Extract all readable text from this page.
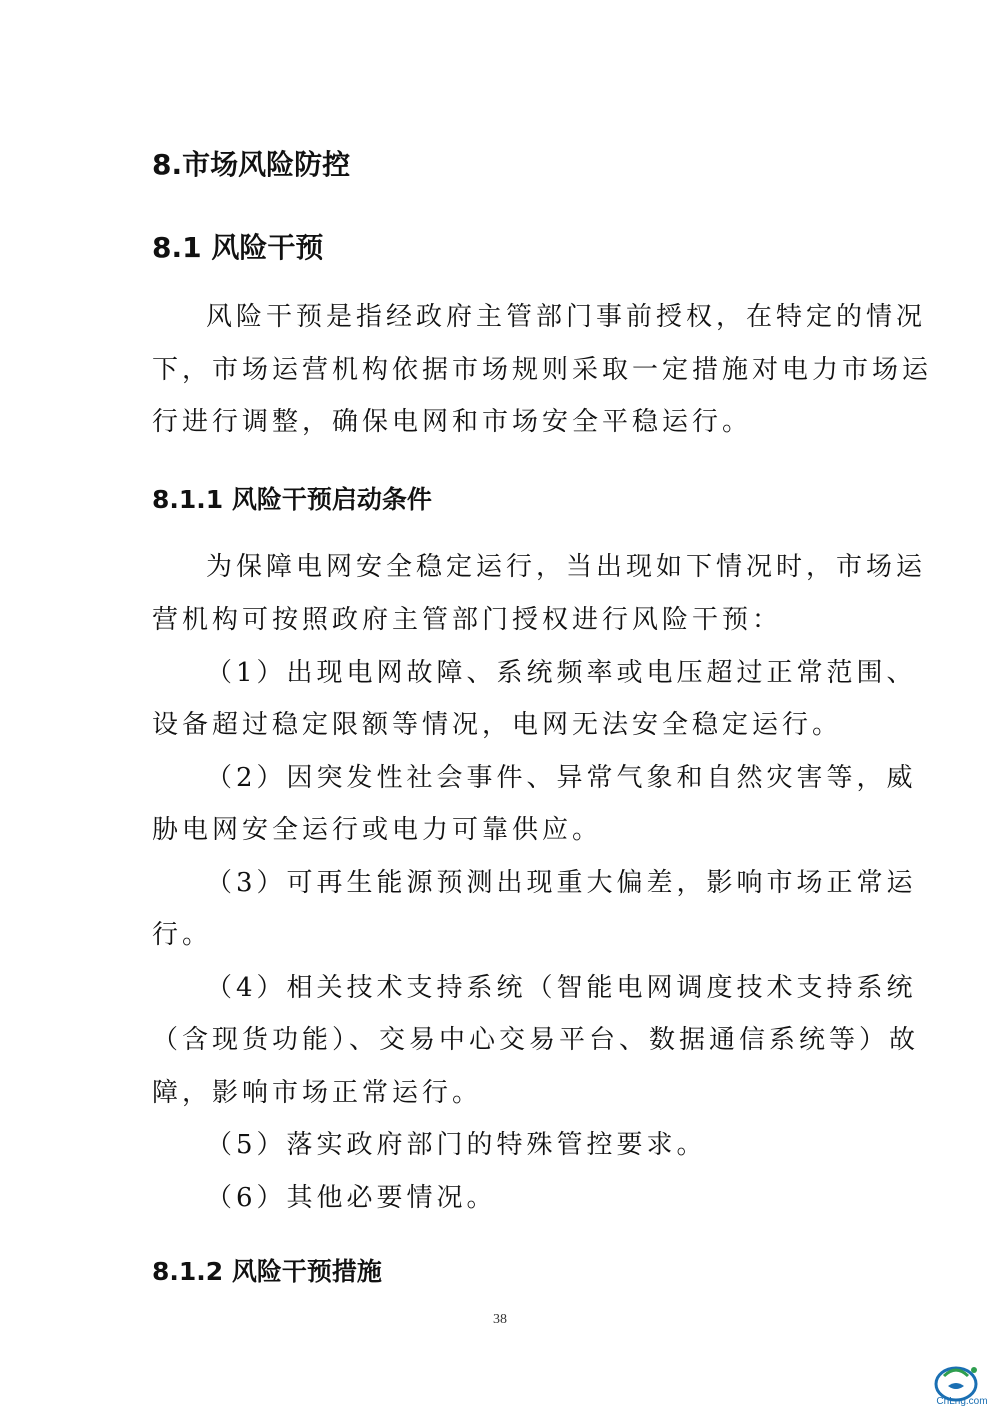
8.市场风险防控
8.1 风险干预
风险干预是指经政府主管部门事前授权，在特定的情况
下，市场运营机构依据市场规则采取一定措施对电力市场运
行进行调整，确保电网和市场安全平稳运行。
8.1.1 风险干预启动条件
为保障电网安全稳定运行，当出现如下情况时，市场运
营机构可按照政府主管部门授权进行风险干预：
（1）出现电网故障、系统频率或电压超过正常范围、
设备超过稳定限额等情况，电网无法安全稳定运行。
（2）因突发性社会事件、异常气象和自然灾害等，威
胁电网安全运行或电力可靠供应。
（3）可再生能源预测出现重大偏差，影响市场正常运
行。
（4）相关技术支持系统（智能电网调度技术支持系统
（含现货功能）、交易中心交易平台、数据通信系统等）故
障，影响市场正常运行。
（5）落实政府部门的特殊管控要求。
（6）其他必要情况。
8.1.2 风险干预措施
38
CnLng.com
